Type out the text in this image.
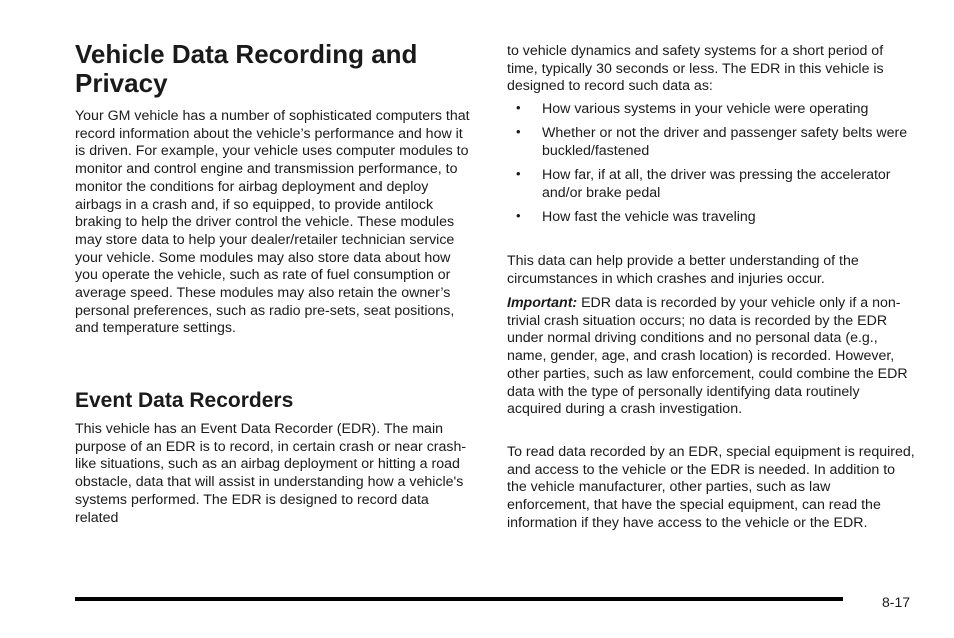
Vehicle Data Recording and Privacy

Your GM vehicle has a number of sophisticated computers that record information about the vehicle’s performance and how it is driven. For example, your vehicle uses computer modules to monitor and control engine and transmission performance, to monitor the conditions for airbag deployment and deploy airbags in a crash and, if so equipped, to provide antilock braking to help the driver control the vehicle. These modules may store data to help your dealer/retailer technician service your vehicle. Some modules may also store data about how you operate the vehicle, such as rate of fuel consumption or average speed. These modules may also retain the owner’s personal preferences, such as radio pre-sets, seat positions, and temperature settings.

Event Data Recorders

This vehicle has an Event Data Recorder (EDR). The main purpose of an EDR is to record, in certain crash or near crash-like situations, such as an airbag deployment or hitting a road obstacle, data that will assist in understanding how a vehicle's systems performed. The EDR is designed to record data related

to vehicle dynamics and safety systems for a short period of time, typically 30 seconds or less. The EDR in this vehicle is designed to record such data as:

• How various systems in your vehicle were operating
• Whether or not the driver and passenger safety belts were buckled/fastened
• How far, if at all, the driver was pressing the accelerator and/or brake pedal
• How fast the vehicle was traveling

This data can help provide a better understanding of the circumstances in which crashes and injuries occur.

Important: EDR data is recorded by your vehicle only if a non-trivial crash situation occurs; no data is recorded by the EDR under normal driving conditions and no personal data (e.g., name, gender, age, and crash location) is recorded. However, other parties, such as law enforcement, could combine the EDR data with the type of personally identifying data routinely acquired during a crash investigation.

To read data recorded by an EDR, special equipment is required, and access to the vehicle or the EDR is needed. In addition to the vehicle manufacturer, other parties, such as law enforcement, that have the special equipment, can read the information if they have access to the vehicle or the EDR.

8-17
